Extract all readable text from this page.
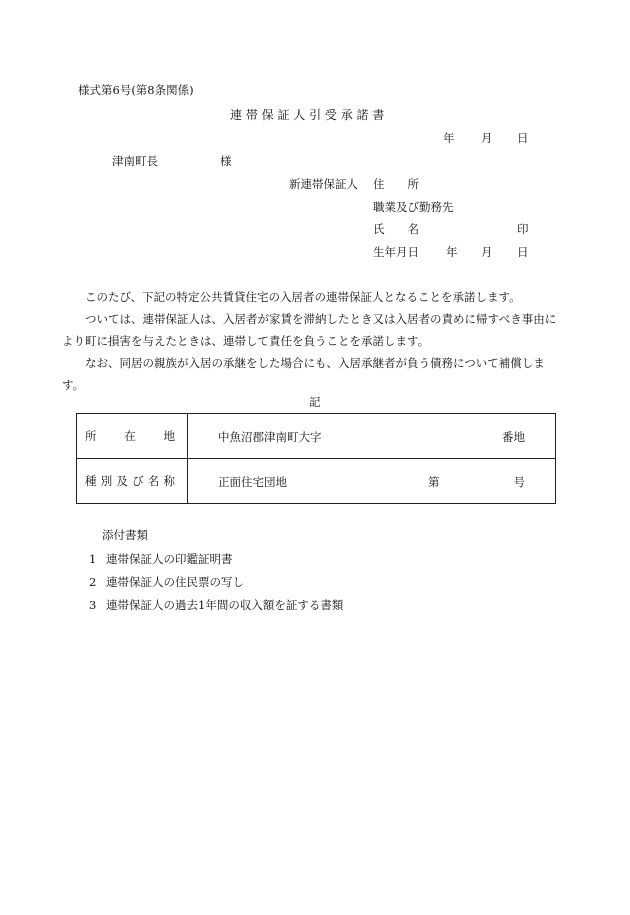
様式第6号(第8条関係)
連 帯 保 証 人 引 受 承 諾 書
年 月 日
津南町長	様
新連帯保証人 住　　所
職業及び勤務先
氏　　名	印
生年月日 年 月 日

このたび、下記の特定公共賃貸住宅の入居者の連帯保証人となることを承諾します。

ついては、連帯保証人は、入居者が家賃を滞納したとき又は入居者の責めに帰すべき事由により町に損害を与えたときは、連帯して責任を負うことを承諾します。

なお、同居の親族が入居の承継をした場合にも、入居承継者が負う債務について補償します。

記
所在地	中魚沼郡津南町大字 番地

種別及び名称	正面住宅団地 第 号
添付書類
1 連帯保証人の印鑑証明書
2 連帯保証人の住民票の写し
3 連帯保証人の過去1年間の収入額を証する書類
